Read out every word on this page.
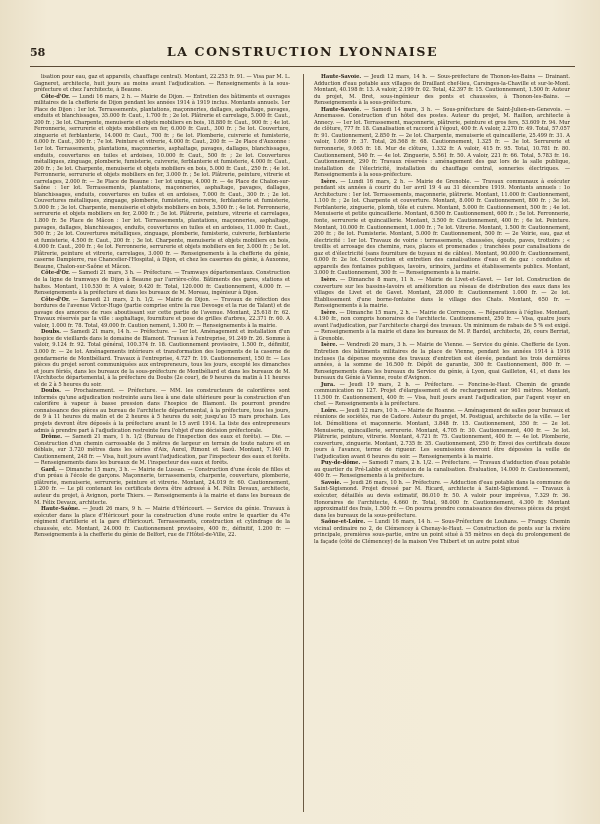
58	LA CONSTRUCTION LYONNAISE

lisation pour eau, gaz et appareils, chauffage central). Montant, 22.253 fr. 91. — Visa par M. L. Gagneret, architecte, huit jours au moins avant l'adjudication. — Renseignements à la sous-préfecture et chez l'architecte, à Beaune.

Côte-d'Or. — Lundi 16 mars, 2 h. — Mairie de Dijon. — Entretien des bâtiments et ouvrages militaires de la chefferie de Dijon pendant les années 1914 à 1919 inclus. Montants annuels. 1er Place de Dijon : 1er lot. Terrassements, plantations, maçonneries, dallages, asphaltage, pavages, enduits et blanchissages, 35.000 fr. Caut., 1.700 fr. ; 2e lot. Plâtrerie et carrelage, 5.000 fr. Caut., 200 fr. ; 3e lot. Charpente, menuiserie et objets mobiliers en bois, 18.880 fr. Caut., 900 fr. ; 4e lot. Ferronnerie, serrurerie et objets mobiliers en fer, 6.000 fr. Caut., 300 fr. ; 5e lot. Couverture, zinguerie et ferblanterie, 14.000 fr. Caut., 700 fr. ; 6e lot. Plomberie, cuivrerie et fumisterie, 6.000 fr. Caut., 300 fr. ; 7e lot. Peinture et vitrerie, 4.000 fr. Caut., 200 fr. — 2e Place d'Auxonne : 1er lot. Terrassements, plantations, maçonneries, asphaltage, pavages, dallages, blanchissages, enduits, couvertures en tuiles et ardoises, 10.000 fr. Caut., 500 fr. ; 2e lot. Couvertures métalliques, zinguage, plomberie, fumisterie, cuivrerie, ferblanterie et fumisterie, 4.000 fr. Caut., 200 fr. ; 3e lot. Charpente, menuiserie et objets mobiliers en bois, 5.000 fr. Caut., 250 fr. ; 4e lot. Ferronnerie, serrurerie et objets mobiliers en fer, 3.000 fr. ; 5e lot. Plâtrerie, peinture, vitrerie et carrelages, 2.000 fr. — 3e Place de Beaune : 1er lot unique, 4.000 fr. — 4e Place de Chalon-sur-Saône : 1er lot. Terrassements, plantations, maçonneries, asphaltage, pavages, dallages, blanchissages, enduits, couvertures en tuiles et en ardoises, 7.000 fr. Caut., 300 fr. ; 2e lot. Couvertures métalliques, zinguage, plomberie, fumisterie, cuivrerie, ferblanterie et fumisterie, 5.000 fr. ; 3e lot. Charpente, menuiserie et objets mobiliers en bois, 3.500 fr. ; 4e lot. Ferronnerie, serrurerie et objets mobiliers en fer, 2.000 fr. ; 5e lot. Plâtrerie, peinture, vitrerie et carrelages, 1.800 fr. 5e Place de Mâcon : 1er lot. Terrassements, plantations, maçonneries, asphaltage, pavages, dallages, blanchissages, enduits, couvertures en tuiles et en ardoises, 11.000 fr. Caut., 500 fr. ; 2e lot. Couvertures métalliques, zinguage, plomberie, fumisterie, cuivrerie, ferblanterie et fumisterie, 4.500 fr. Caut., 200 fr. ; 3e lot. Charpente, menuiserie et objets mobiliers en bois, 4.000 fr. Caut., 200 fr. ; 4e lot. Ferronnerie, serrurerie et objets mobiliers en fer, 3.000 fr. ; 5e lot. Plâtrerie, peinture et vitrerie, carrelages, 3.000 fr. — Renseignements à la chefferie du génie, caserne Dampierre, rue Chancelier-l'Hospital, à Dijon, et chez les casernes du génie, à Auxonne, Beaune, Chalon-sur-Saône et Mâcon.

Côte-d'Or. — Samedi 21 mars, 3 h. — Préfecture. — Tramways départementaux. Construction de la ligne de tramways de Dijon à Beaune par l'arrière-côte. Bâtiments des gares, stations et haltes. Montant, 110.530 fr. A valoir, 9.420 fr. Total, 120.000 fr. Cautionnement, 4.000 fr. — Renseignements à la préfecture et dans les bureaux de M. Moreau, ingénieur à Dijon.

Côte-d'Or. — Samedi 21 mars, 2 h. 1/2. — Mairie de Dijon. — Travaux de réfection des bordures de l'avenue Victor-Hugo (partie comprise entre la rue Devosge et la rue de Talant) et de pavage des amorces de rues aboutissant sur cette partie de l'avenue. Montant, 25.618 fr. 62. Travaux réservés par la ville : asphaltage, fourniture et pose de grilles d'arbres, 22.371 fr. 60. A valoir, 1.000 fr. 78. Total, 49.000 fr. Caution nement, 1.300 fr. — Renseignements à la mairie.

Doubs. — Samedi 21 mars, 14 h. — Préfecture. — 1er lot. Aménagement et installation d'un hospice de vieillards dans le domaine de Blamont. Travaux à l'entreprise, 91.249 fr. 26. Somme à valoir, 9.124 fr. 92. Total général, 100.374 fr. 18. Cautionnement provisoire, 1.500 fr., définitif, 3.000 fr. — 2e lot. Aménagements intérieurs et transformation des logements de la caserne de gendarmerie de Montbéliard. Travaux à l'entreprise, 4.727 fr. 19. Cautionnement, 150 fr. — Les pièces du projet seront communiquées aux entrepreneurs, tous les jours, excepté les dimanches et jours fériés, dans les bureaux de la sous-préfecture de Montbéliard et dans les bureaux de M. l'Architecte départemental, à la préfecture du Doubs (2e cour), de 9 heures du matin à 11 heures et de 2 à 5 heures du soir.

Doubs. — Prochainement. — Préfecture. — MM. les constructeurs de calorifères sont informés qu'une adjudication restreinte aura lieu à une date ultérieure pour la construction d'un calorifère à vapeur à basse pression dans l'hospice de Blamont. Ils pourront prendre connaissance des pièces au bureau de l'architecte départemental, à la préfecture, tous les jours, de 9 à 11 heures du matin et de 2 heures à 5 heures du soir, jusqu'au 15 mars prochain. Les projets devront être déposés à la préfecture avant le 15 avril 1914. La liste des entrepreneurs admis à prendre part à l'adjudication restreinte fera l'objet d'une décision préfectorale.

Drôme. — Samedi 21 mars, 1 h. 1/2 (Bureau de l'inspection des eaux et forêts). — Die. — Construction d'un chemin carrossable de 3 mètres de largeur en terrain de toute nature et en déblais, sur 3.720 mètres dans les séries d'Aix, Aurel, Rimont et Saoû. Montant, 7.140 fr. Cautionnement, 248 fr. — Visa, huit jours avant l'adjudication, par l'inspecteur des eaux et forêts. — Renseignements dans les bureaux de M. l'inspecteur des eaux et forêts.

Gard. — Dimanche 15 mars, 3 h. — Mairie de Lussan. — Construction d'une école de filles et d'un préau à l'école de garçons. Maçonnerie, terrassements, charpente, couverture, plomberie, plâtrerie, menuiserie, serrurerie, peinture et vitrerie. Montant, 24.019 fr. 60. Cautionnement, 1.200 fr. — Le pli contenant les certificats devra être adressé à M. Félix Devaux, architecte, auteur du projet, à Avignon, porte Thiers. — Renseignements à la mairie et dans les bureaux de M. Félix Devaux, architecte.

Haute-Saône. — Jeudi 26 mars, 9 h. — Mairie d'Héricourt. — Service du génie. Travaux à exécuter dans la place d'Héricourt pour la construction d'une route entre le quartier du 47e régiment d'artillerie et la gare d'Héricourt. Terrassements, construction et cylindrage de la chaussée, etc. Montant, 24.000 fr. Cautionnement provisoire, 400 fr., définitif, 1.200 fr. — Renseignements à la chefferie du génie de Belfort, rue de l'Hôtel-de-Ville, 22.

Haute-Savoie. — Jeudi 12 mars, 14 h. — Sous-préfecture de Thonon-les-Bains — Drainant. Adduction d'eau potable aux villages de Draillant chef-lieu, Carsinges-la-Chaville et sur-le-Mont. Montant, 40.198 fr. 13. A valoir, 2.199 fr. 02. Total, 42.397 fr. 15. Cautionnement, 1.500 fr. Auteur du projet, M. Bret, sous-ingénieur des ponts et chaussées, à Thonon-les-Bains. — Renseignements à la sous-préfecture.

Haute-Savoie. — Samedi 14 mars, 3 h. — Sous-préfecture de Saint-Julien-en-Genevois. — Annemasse. Construction d'un hôtel des postes. Auteur du projet, M. Raillon, architecte à Annecy. — 1er lot. Terrassement, maçonnerie, plâtrerie, peinture et gros fers, 53.609 fr. 94. Mur de clôture, 777 fr. 18. Canalisation et raccord à l'égout, 400 fr. A valoir, 2.270 fr. 49. Total, 57.057 fr. 91. Cautionnement, 2.850 fr. — 2e lot. Charpente, menuiserie et quincaillerie, 25.499 fr. 31. A valoir, 1.069 fr. 37. Total, 26.568 fr. 68. Cautionnement, 1.325 fr. — 3e lot. Serrurerie et ferronnerie, 9.065 fr. 18. Mur de clôture, 1.332 fr. A valoir, 415 fr. 95. Total, 10.781 fr. 80. Cautionnement, 540 fr. — 4e lot. Zinguerie, 5.561 fr. 50. A valoir, 221 fr. 66. Total, 5.783 fr. 16. Cautionnement, 290 fr. Travaux réservés : aménagement des gaz lors de la salle publique, installation de l'électricité, installation du chauffage central, sonneries électriques. — Renseignements à la sous-préfecture.

Isère. — Lundi 16 mars, 2 h. — Mairie de Grenoble. — Travaux communaux à exécuter pendant six années à courir du 1er avril 19 4 au 31 décembre 1919. Montants annuels : 1o Architecture : 1er lot. Terrassements, maçonnerie, plâtrerie. Montant, 11.000 fr. Cautionnement, 1.100 fr. ; 2e lot. Charpente et couverture. Montant, 8.000 fr. Cautionnement, 800 fr. ; 3e lot. Ferblanterie, zinguerie, plomb, tôle et cuivre. Montant, 5.000 fr. Cautionnement, 500 fr. ; 4e lot. Menuiserie et petite quincaillerie. Montant, 6.500 fr. Cautionnement, 600 fr. ; 5e lot. Ferronnerie, fonte, serrurerie et quincaillerie. Montant, 3.500 fr. Cautionnement, 400 fr. ; 6e lot. Peinture. Montant, 10.000 fr. Cautionnement, 1.000 fr. ; 7e lot. Vitrerie. Montant, 1.500 fr. Cautionnement, 200 fr. ; 8e lot. Fumisterie. Montant, 5.000 fr. Cautionnement, 500 fr. — 2e Voirie, eau, gaz et électricité : 1er lot. Travaux de voirie : terrassements, chaussées, égouts, paves, trottoirs ; « treillis et arrosage des chemins, rues, places et promenades ; tranchées pour canalisations de gaz et d'électricité (sans fourniture de tuyaux ni de câbles). Montant, 90.000 fr. Cautionnement, 6.000 fr. 2e lot. Construction et entretien des canalisations d'eau et de gaz : conduites et appareils des fontaines publiques, lavoirs, urinoirs, jardins et établissements publics. Montant, 3.000 fr. Cautionnement, 300 fr. — Renseignements à la mairie.

Isère. — Dimanche 8 mars, 11 h. — Mairie de Livet-et-Gavet. — 1er lot. Construction de couverture sur les bassins-lavoirs et amélioration au réseau de distribution des eaux dans les villages de Livet et de Gavet. Montant, 28.000 fr. Cautionnement 1.000 fr. — 2e lot. Établissement d'une borne-fontaine dans le village des Chats. Montant, 650 fr. — Renseignements à la mairie.

Isère. — Dimanche 15 mars, 2 h. — Mairie de Corrençon. — Réparations à l'église. Montant, 4.190 fr., non compris honoraires de l'architecte. Cautionnement, 250 fr. — Visa, quatre jours avant l'adjudication, par l'architecte chargé des travaux. Un minimum de rabais de 5 % est exigé. — Renseignements à la mairie et dans les bureaux de M. P. Bardel, architecte, 26, cours Berriat, à Grenoble.

Isère. — Vendredi 20 mars, 3 h. — Mairie de Vienne. — Service du génie. Chefferie de Lyon. Entretien des bâtiments militaires de la place de Vienne, pendant les années 1914 à 1916 incluses (la dépense moyenne des travaux d'entretien est élevée, pendant les trois dernières années, à la somme de 16.500 fr. Dépôt de garantie, 300 fr. Cautionnement, 800 fr. — Renseignements dans les bureaux du Service du génie, à Lyon, quai Gailleton, 41, et dans les bureaux du Génie à Vienne, route d'Avignon.

Jura. — Jeudi 19 mars, 2 h. — Préfecture. — Foncine-le-Haut. Chemin de grande communication no 127. Projet d'élargissement et de rechargement sur 961 mètres. Montant, 11.500 fr. Cautionnement, 400 fr. — Visa, huit jours avant l'adjudication, par l'agent voyer en chef. — Renseignements à la préfecture.

Loire. — Jeudi 12 mars, 10 h. — Mairie de Roanne. — Aménagement de salles pour bureaux et réunions de sociétés, rue de Cadore. Auteur du projet, M. Postigual, architecte de la ville. — 1er lot. Démolitions et maçonnerie. Montant, 3.848 fr. 15. Cautionnement, 350 fr. — 2e lot. Menuiserie, quincaillerie, serrurerie. Montant, 4.705 fr. 30. Cautionnement, 400 fr. — 3e lot. Plâtrerie, peinture, vitrerie. Montant, 4.721 fr. 75. Cautionnement, 400 fr. — 4e lot. Plomberie, couverture, zinguerie. Montant, 2.735 fr. 35. Cautionnement, 250 fr. Envoi des certificats douze jours à l'avance, terme de rigueur. Les soumissions devront être déposées la veille de l'adjudication avant 6 heures du soir. — Renseignements à la mairie.

Puy-de-dôme. — Samedi 7 mars, 2 h. 1/2. — Préfecture. — Travaux d'adduction d'eau potable au quartier du Pré-Labbe et extension de la canalisation. Évaluation, 14.000 fr. Cautionnement, 400 fr. — Renseignements à la préfecture.

Savoie. — Jeudi 26 mars, 10 h. — Préfecture. — Adduction d'eau potable dans la commune de Saint-Sigismond. Projet dressé par M. Ricard, architecte à Saint-Sigismond. — Travaux à exécuter, détaillés au devis estimatif, 86.010 fr. 50. A valoir pour imprévus, 7.329 fr. 36. Honoraires de l'architecte, 4.660 fr. Total, 98.000 fr. Cautionnement, 4.300 fr. Montant approximatif des frais, 1.500 fr. — On pourra prendre connaissance des diverses pièces du projet dans les bureaux de la sous-préfecture.

Saône-et-Loire. — Lundi 16 mars, 14 h. — Sous-Préfecture de Louhans. — Frangy. Chemin vicinal ordinaire no 2, de Clémencey à Chenay-le-Haut. — Construction de ponts sur la rivière principale, premières sous-partie, entre un point situé à 55 mètres en deçà du prolongement de la façade (côté de Clémencey) de la maison Vve Thibert et un autre point situé
